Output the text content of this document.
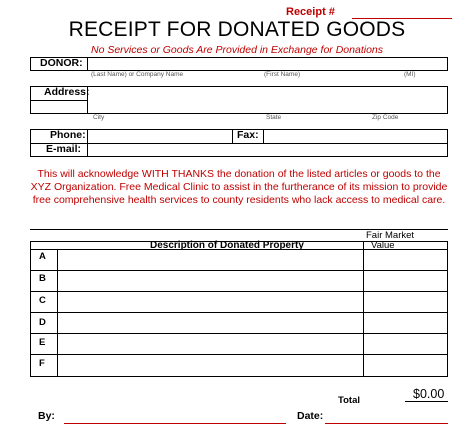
Receipt #
RECEIPT FOR DONATED GOODS
No Services or Goods Are Provided in Exchange for Donations
DONOR:
(Last Name) or Company Name	(First Name)	(MI)
Address:
City	State	Zip Code
Phone:	Fax:
E-mail:
This will acknowledge WITH THANKS the donation of the listed articles or goods to the XYZ Organization. Free Medical Clinic to assist in the furtherance of its mission to provide free comprehensive health services to county residents who lack access to medical care.
Fair Market
Value
Description of Donated Property
A
B
C
D
E
F
Total	$0.00
By:	Date:
